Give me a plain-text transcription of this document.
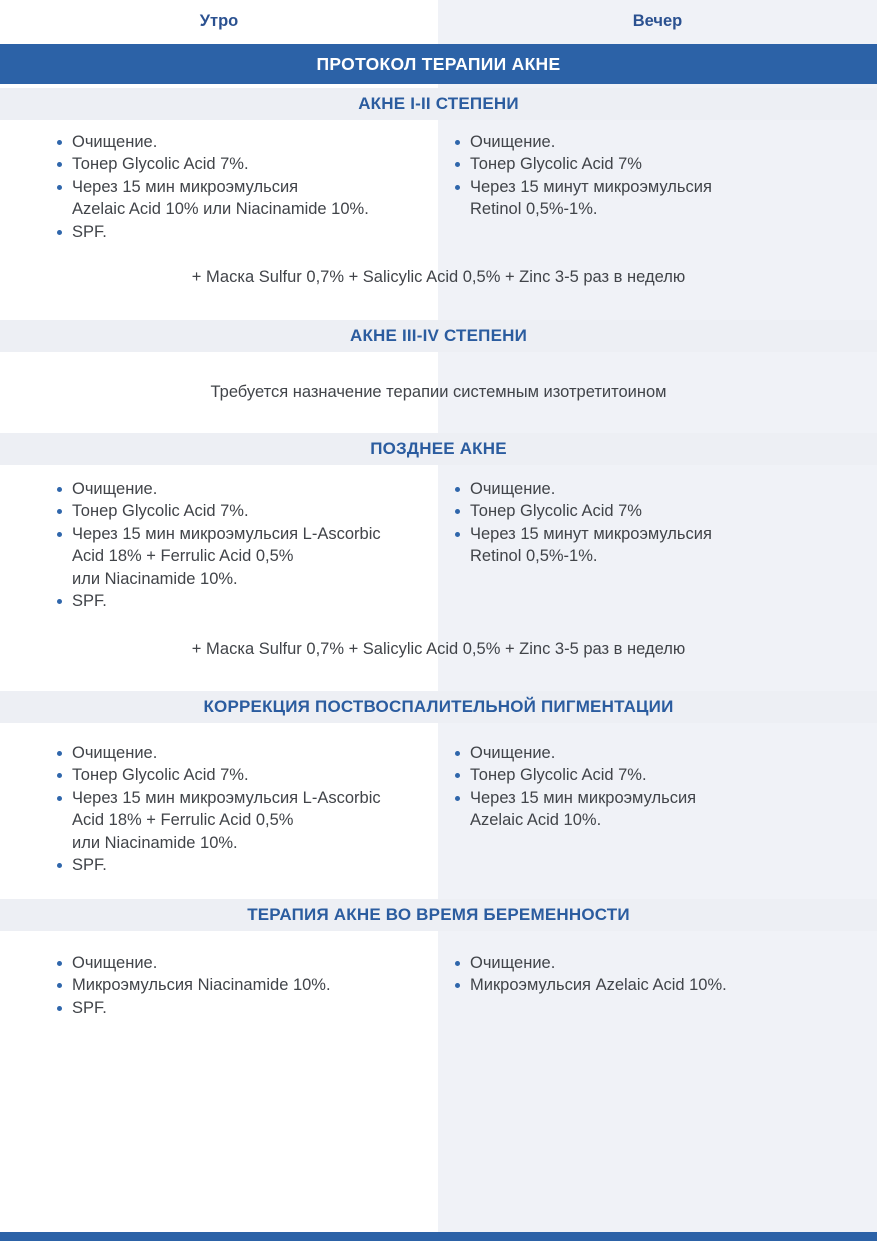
Утро	Вечер
ПРОТОКОЛ ТЕРАПИИ АКНЕ
АКНЕ I-II СТЕПЕНИ
Очищение.
Тонер Glycolic Acid 7%.
Через 15 мин микроэмульсия
Azelaic Acid 10% или Niacinamide 10%.
SPF.
Очищение.
Тонер Glycolic Acid 7%
Через 15 минут микроэмульсия
Retinol 0,5%-1%.
+ Маска Sulfur 0,7% + Salicylic Acid 0,5% + Zinc 3-5 раз в неделю
АКНЕ III-IV СТЕПЕНИ
Требуется назначение терапии системным изотретитоином
ПОЗДНЕЕ АКНЕ
Очищение.
Тонер Glycolic Acid 7%.
Через 15 мин микроэмульсия L-Ascorbic
Acid 18% + Ferrulic Acid 0,5%
или Niacinamide 10%.
SPF.
Очищение.
Тонер Glycolic Acid 7%
Через 15 минут микроэмульсия
Retinol 0,5%-1%.
+ Маска Sulfur 0,7% + Salicylic Acid 0,5% + Zinc 3-5 раз в неделю
КОРРЕКЦИЯ ПОСТВОСПАЛИТЕЛЬНОЙ ПИГМЕНТАЦИИ
Очищение.
Тонер Glycolic Acid 7%.
Через 15 мин микроэмульсия L-Ascorbic
Acid 18% + Ferrulic Acid 0,5%
или Niacinamide 10%.
SPF.
Очищение.
Тонер Glycolic Acid 7%.
Через 15 мин микроэмульсия
Azelaic Acid 10%.
ТЕРАПИЯ АКНЕ ВО ВРЕМЯ БЕРЕМЕННОСТИ
Очищение.
Микроэмульсия Niacinamide 10%.
SPF.
Очищение.
Микроэмульсия Azelaic Acid 10%.
